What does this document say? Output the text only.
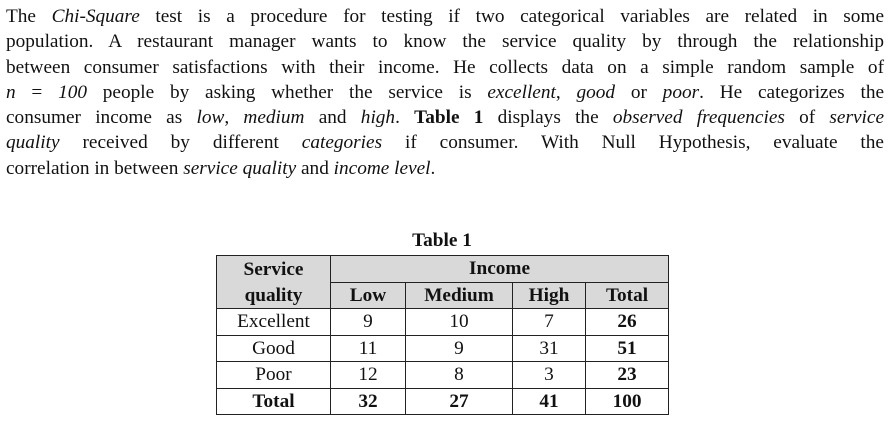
The Chi-Square test is a procedure for testing if two categorical variables are related in some
population. A restaurant manager wants to know the service quality by through the relationship
between consumer satisfactions with their income. He collects data on a simple random sample of
n = 100 people by asking whether the service is excellent, good or poor. He categorizes the
consumer income as low, medium and high. Table 1 displays the observed frequencies of service
quality received by different categories if consumer. With Null Hypothesis, evaluate the
correlation in between service quality and income level.
Table 1
Service	Income			
quality	Low	Medium	High	Total
Excellent	9	10	7	26
Good	11	9	31	51
Poor	12	8	3	23
Total	32	27	41	100
